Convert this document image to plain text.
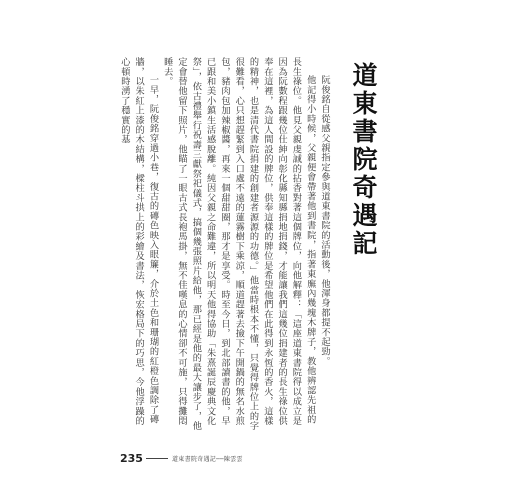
道東書院奇遇記

阮俊銘自從感父親指定參與道東書院的活動後，他渾身都提不起勁。

他記得小時候，父親便會帶著他到書院，指著東廡內幾塊木牌子，教他辨認先祖的長生祿位。他見父親虔誠的拈香對著這個牌位，向他解釋：「這座道東書院得以成立是因為阮數程跟幾位仕紳向彰化縣知縣捐地捐錢，才能讓我們這幾位捐建者的長生祿位供奉在這裡，為這人間設的牌位，供奉這樣的牌位是希望他們在此得到永恆的香火，這樣的精神，也是清代書院捐建的創建者源源的功德。」他當時根本不懂，只覺得牌位上的字很難看，心只想趕緊到入口處不遠的蓮霧樹下乘涼，順道趕著去撿下午開鍋的無名水煎包，豬肉包加辣椒醬，再來一個甜甜圈，那才是享受。時至今日，到北部讀書的他，早已跟和美小鎮生活感脫離。純因父親之命難違，所以明天他得協助「朱熹誕辰慶典文化祭」，依古禮舉行祝壽三獻祭祀儀式，搞個幾張照片給他，那已經是他的最大讓步了，他定會替他留下照片，他瞄了一眼古式長袍馬掛，無不佳嘆息的心情卻不可施，只得攤悶睡去。

一早，阮俊銘穿過小巷，復古的磚色映入眼簾，介於土色和珊瑚的紅橙色調除了磚牆，以朱紅上漆的木結構，樑柱斗拱上的彩繪及書法，恢宏格局下的巧思，今他浮躁的心頓時湧了穩實的基

235	道東書院奇遇記──陳雲雲
